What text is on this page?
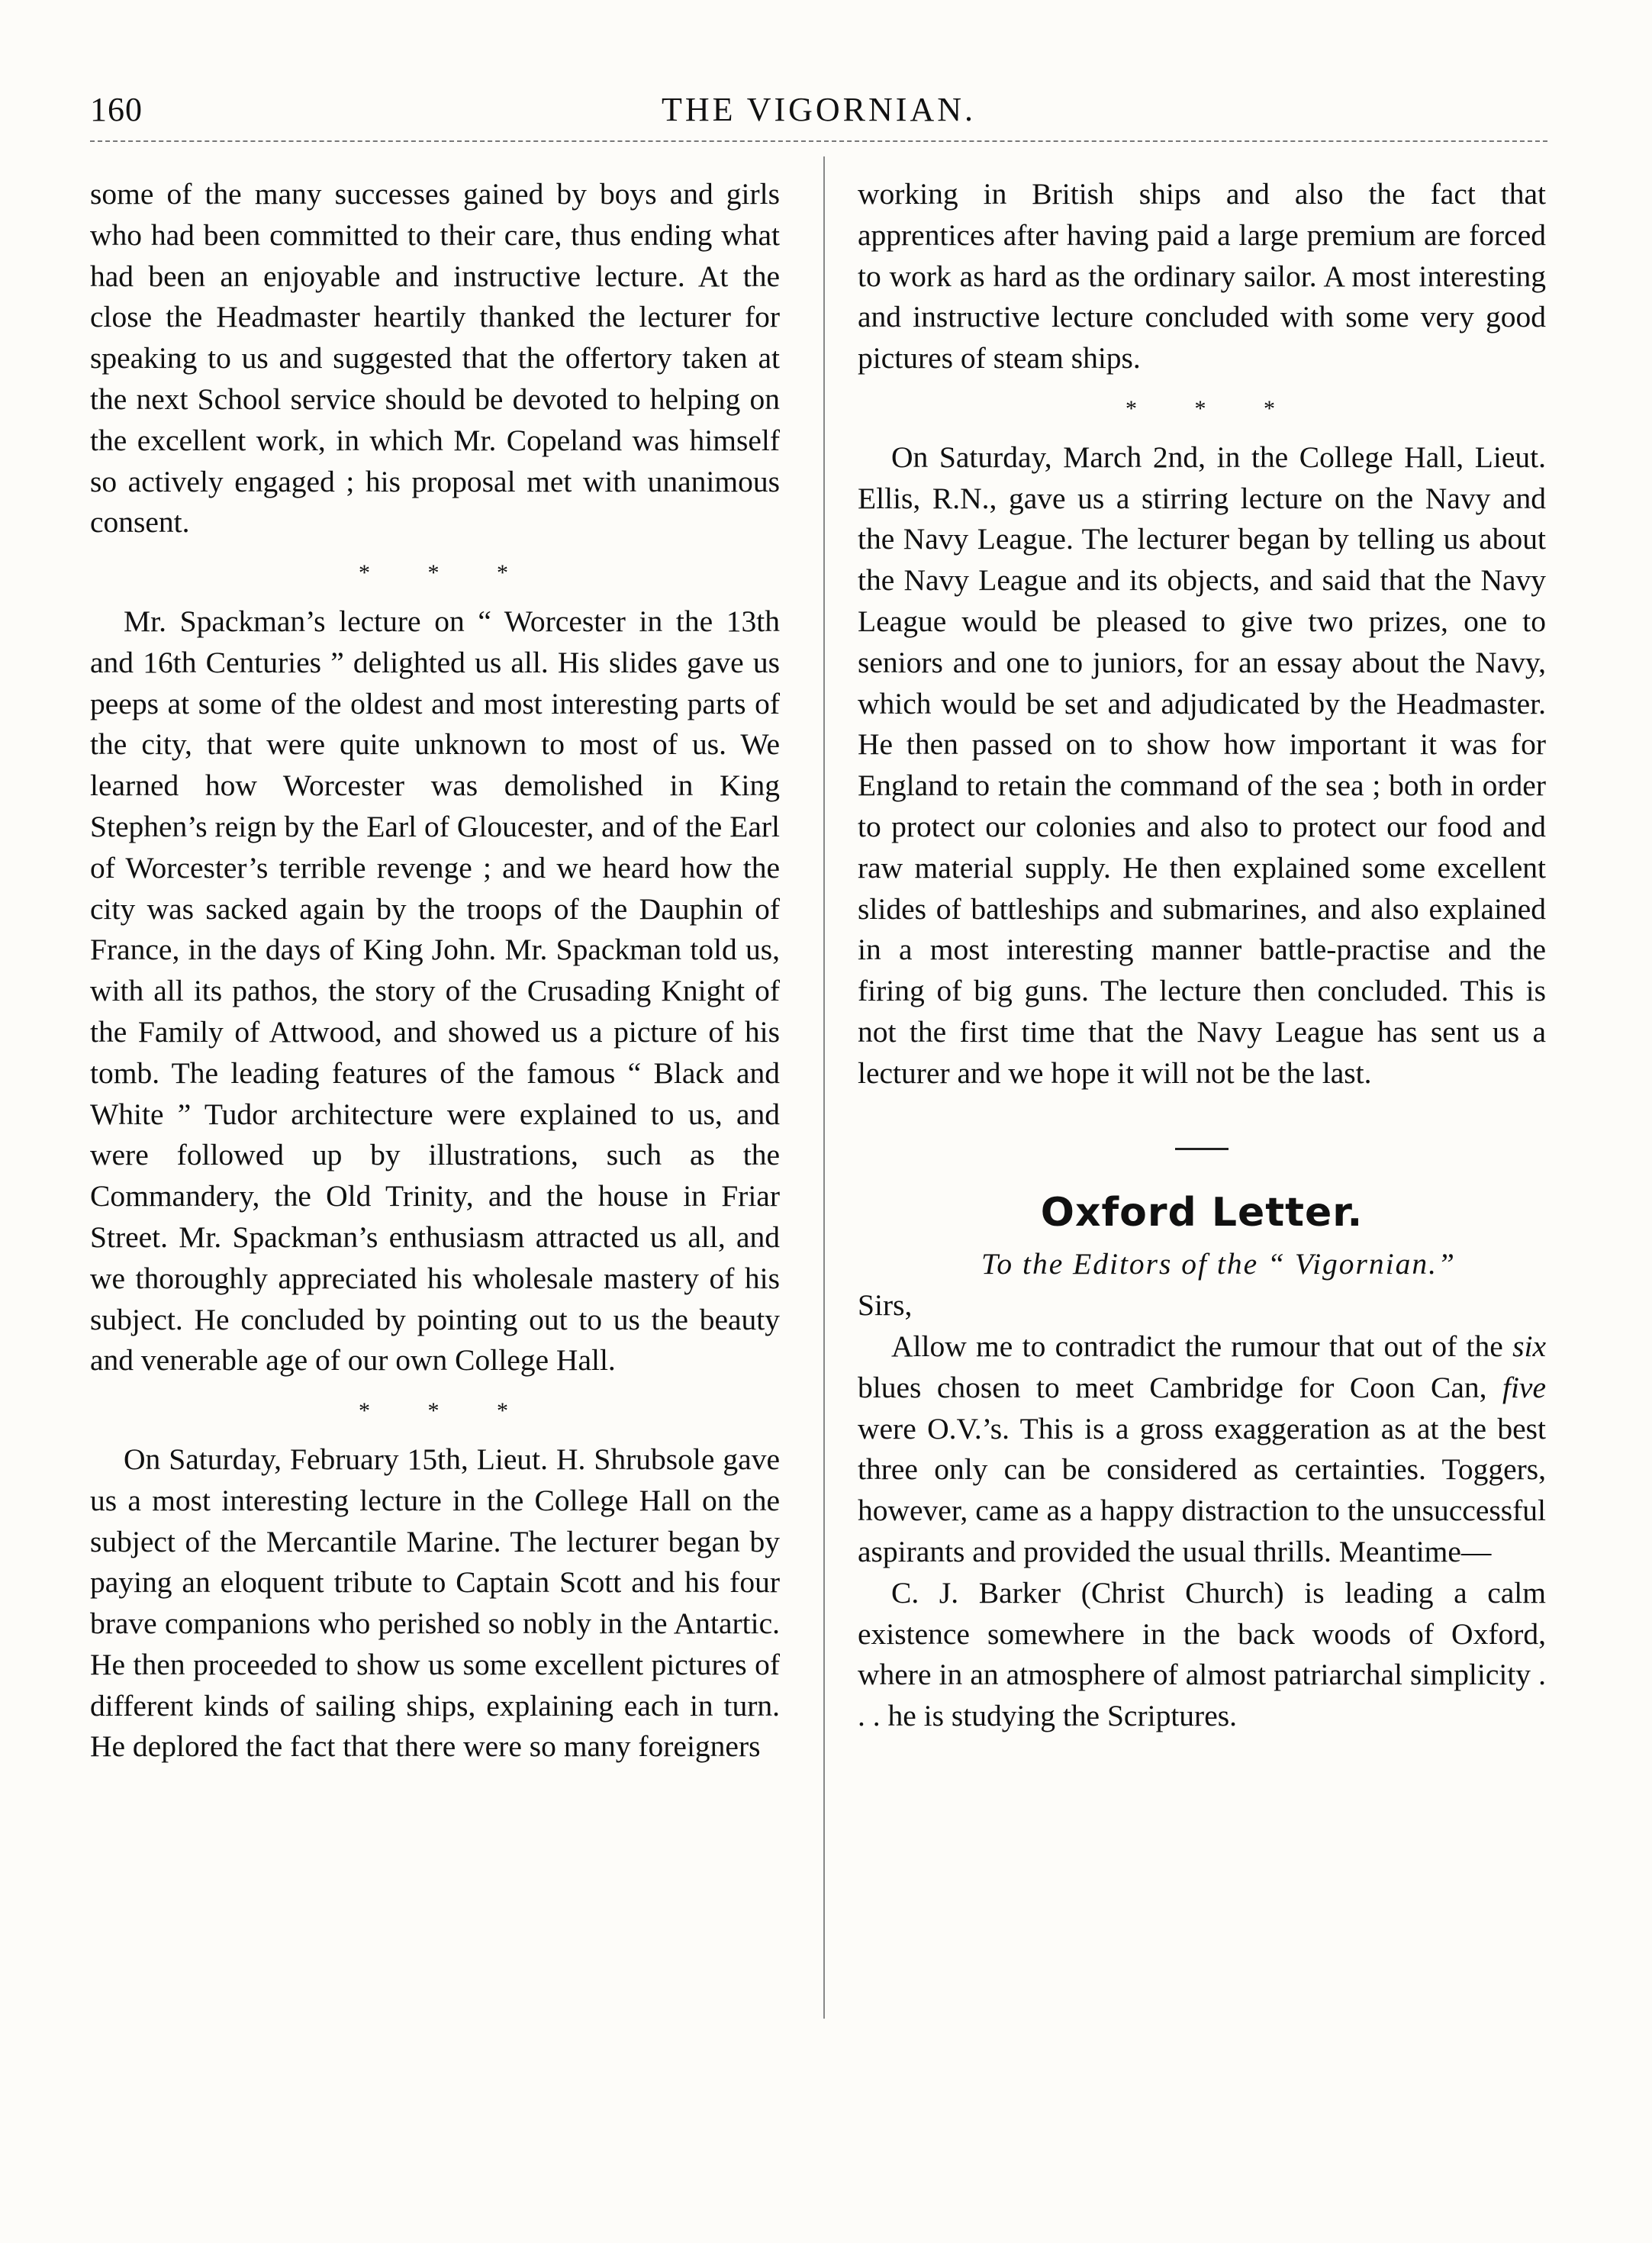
160	THE VIGORNIAN.

some of the many successes gained by boys and girls who had been committed to their care, thus ending what had been an enjoyable and instructive lecture. At the close the Headmaster heartily thanked the lecturer for speaking to us and suggested that the offertory taken at the next School service should be devoted to helping on the excellent work, in which Mr. Copeland was himself so actively engaged ; his proposal met with unanimous consent.

* * *

Mr. Spackman’s lecture on “ Worcester in the 13th and 16th Centuries ” delighted us all. His slides gave us peeps at some of the oldest and most interesting parts of the city, that were quite unknown to most of us. We learned how Worcester was demolished in King Stephen’s reign by the Earl of Gloucester, and of the Earl of Worcester’s terrible revenge ; and we heard how the city was sacked again by the troops of the Dauphin of France, in the days of King John. Mr. Spackman told us, with all its pathos, the story of the Crusading Knight of the Family of Attwood, and showed us a picture of his tomb. The leading features of the famous “ Black and White ” Tudor architecture were explained to us, and were followed up by illustrations, such as the Commandery, the Old Trinity, and the house in Friar Street. Mr. Spackman’s enthusiasm attracted us all, and we thoroughly appreciated his wholesale mastery of his subject. He concluded by pointing out to us the beauty and venerable age of our own College Hall.

* * *

On Saturday, February 15th, Lieut. H. Shrubsole gave us a most interesting lecture in the College Hall on the subject of the Mercantile Marine. The lecturer began by paying an eloquent tribute to Captain Scott and his four brave companions who perished so nobly in the Antartic. He then proceeded to show us some excellent pictures of different kinds of sailing ships, explaining each in turn. He deplored the fact that there were so many foreigners

working in British ships and also the fact that apprentices after having paid a large premium are forced to work as hard as the ordinary sailor. A most interesting and instructive lecture concluded with some very good pictures of steam ships.

* * *

On Saturday, March 2nd, in the College Hall, Lieut. Ellis, R.N., gave us a stirring lecture on the Navy and the Navy League. The lecturer began by telling us about the Navy League and its objects, and said that the Navy League would be pleased to give two prizes, one to seniors and one to juniors, for an essay about the Navy, which would be set and adjudicated by the Headmaster. He then passed on to show how important it was for England to retain the command of the sea ; both in order to protect our colonies and also to protect our food and raw material supply. He then explained some excellent slides of battleships and submarines, and also explained in a most interesting manner battle-practise and the firing of big guns. The lecture then concluded. This is not the first time that the Navy League has sent us a lecturer and we hope it will not be the last.

Oxford Letter.

To the Editors of the “ Vigornian.”

Sirs,

Allow me to contradict the rumour that out of the six blues chosen to meet Cambridge for Coon Can, five were O.V.’s. This is a gross exaggeration as at the best three only can be considered as certainties. Toggers, however, came as a happy distraction to the unsuccessful aspirants and provided the usual thrills. Meantime—

C. J. Barker (Christ Church) is leading a calm existence somewhere in the back woods of Oxford, where in an atmosphere of almost patriarchal simplicity . . . he is studying the Scriptures.
